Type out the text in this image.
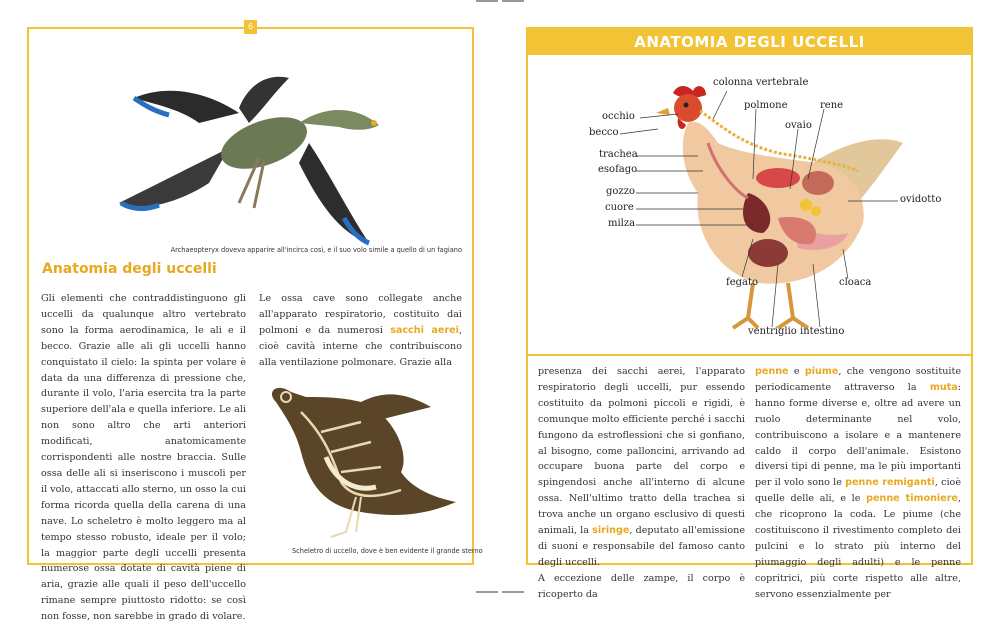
6
Archaeopteryx doveva apparire all'incirca così, e il suo volo simile a quello di un fagiano
Anatomia degli uccelli

Gli elementi che contraddistinguono gli uccelli da qualunque altro vertebrato sono la forma aerodinamica, le ali e il becco. Grazie alle ali gli uccelli hanno conquistato il cielo: la spinta per volare è data da una differenza di pressione che, durante il volo, l'aria esercita tra la parte superiore dell'ala e quella inferiore. Le ali non sono altro che arti anteriori modificati, anatomicamente corrispondenti alle nostre braccia. Sulle ossa delle ali si inseriscono i muscoli per il volo, attaccati allo sterno, un osso la cui forma ricorda quella della carena di una nave. Lo scheletro è molto leggero ma al tempo stesso robusto, ideale per il volo; la maggior parte degli uccelli presenta numerose ossa dotate di cavità piene di aria, grazie alle quali il peso dell'uccello rimane sempre piuttosto ridotto: se così non fosse, non sarebbe in grado di volare.

Le ossa cave sono collegate anche all'apparato respiratorio, costituito dai polmoni e da numerosi sacchi aerei, cioè cavità interne che contribuiscono alla ventilazione polmonare. Grazie alla

Scheletro di uccello, dove è ben evidente il grande sterno
ANATOMIA DEGLI UCCELLI
colonna vertebrale
occhio
polmone	rene
becco
ovaio
trachea
esofago
gozzo
ovidotto
cuore
milza
fegato	cloaca
ventriglio intestino

presenza dei sacchi aerei, l'apparato respiratorio degli uccelli, pur essendo costituito da polmoni piccoli e rigidi, è comunque molto efficiente perché i sacchi fungono da estroflessioni che si gonfiano, al bisogno, come palloncini, arrivando ad occupare buona parte del corpo e spingendosi anche all'interno di alcune ossa. Nell'ultimo tratto della trachea si trova anche un organo esclusivo di questi animali, la siringe, deputato all'emissione di suoni e responsabile del famoso canto degli uccelli.

A eccezione delle zampe, il corpo è ricoperto da

penne e piume, che vengono sostituite periodicamente attraverso la muta: hanno forme diverse e, oltre ad avere un ruolo determinante nel volo, contribuiscono a isolare e a mantenere caldo il corpo dell'animale. Esistono diversi tipi di penne, ma le più importanti per il volo sono le penne remiganti, cioè quelle delle ali, e le penne timoniere, che ricoprono la coda. Le piume (che costituiscono il rivestimento completo dei pulcini e lo strato più interno del piumaggio degli adulti) e le penne copritrici, più corte rispetto alle altre, servono essenzialmente per
